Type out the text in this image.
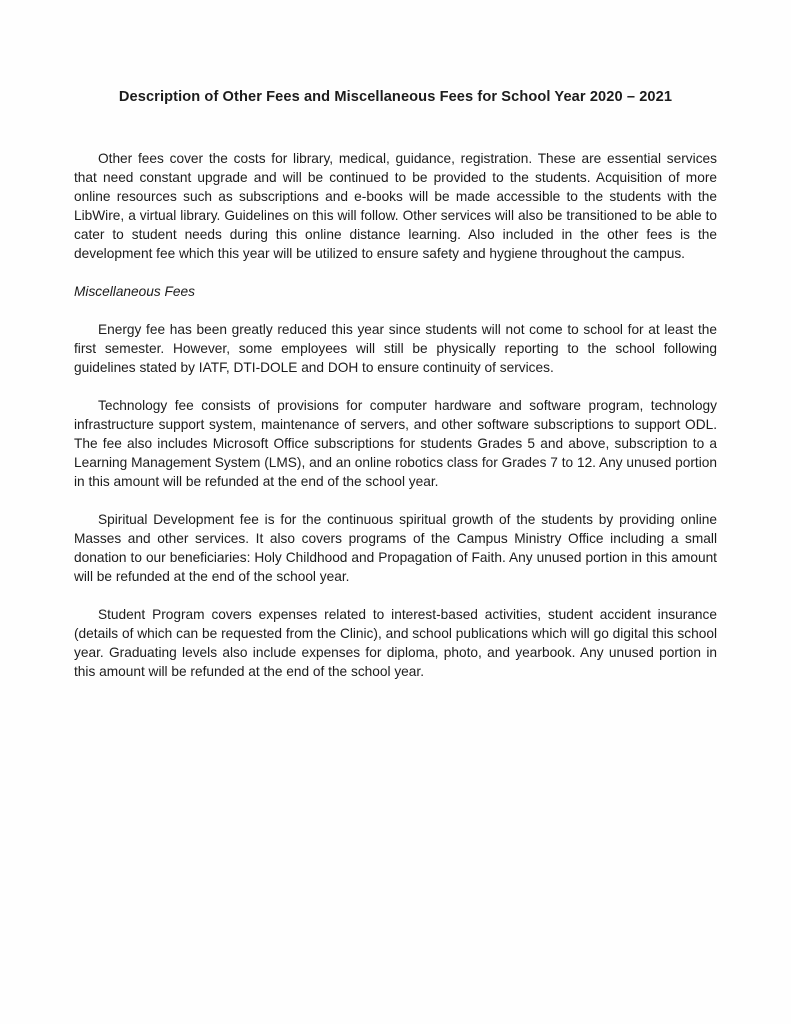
Description of Other Fees and Miscellaneous Fees for School Year 2020 – 2021

Other fees cover the costs for library, medical, guidance, registration. These are essential services that need constant upgrade and will be continued to be provided to the students. Acquisition of more online resources such as subscriptions and e-books will be made accessible to the students with the LibWire, a virtual library. Guidelines on this will follow. Other services will also be transitioned to be able to cater to student needs during this online distance learning. Also included in the other fees is the development fee which this year will be utilized to ensure safety and hygiene throughout the campus.

Miscellaneous Fees

Energy fee has been greatly reduced this year since students will not come to school for at least the first semester. However, some employees will still be physically reporting to the school following guidelines stated by IATF, DTI-DOLE and DOH to ensure continuity of services.

Technology fee consists of provisions for computer hardware and software program, technology infrastructure support system, maintenance of servers, and other software subscriptions to support ODL. The fee also includes Microsoft Office subscriptions for students Grades 5 and above, subscription to a Learning Management System (LMS), and an online robotics class for Grades 7 to 12. Any unused portion in this amount will be refunded at the end of the school year.

Spiritual Development fee is for the continuous spiritual growth of the students by providing online Masses and other services. It also covers programs of the Campus Ministry Office including a small donation to our beneficiaries: Holy Childhood and Propagation of Faith. Any unused portion in this amount will be refunded at the end of the school year.

Student Program covers expenses related to interest-based activities, student accident insurance (details of which can be requested from the Clinic), and school publications which will go digital this school year. Graduating levels also include expenses for diploma, photo, and yearbook. Any unused portion in this amount will be refunded at the end of the school year.
